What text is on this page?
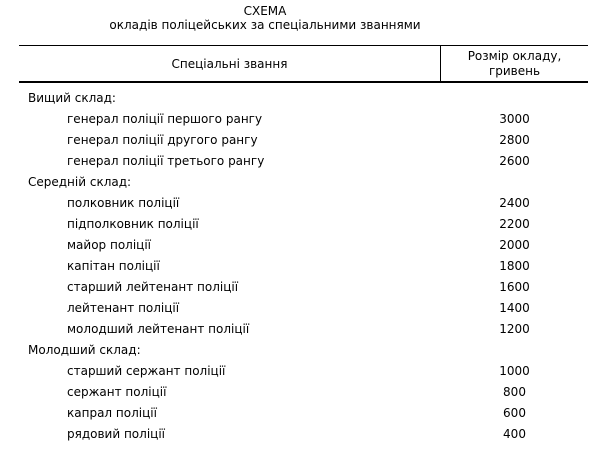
СХЕМА
окладів поліцейських за спеціальними званнями
Спеціальні звання
Розмір окладу,
гривень
Вищий склад:
генерал поліції першого рангу	3000
генерал поліції другого рангу	2800
генерал поліції третього рангу	2600
Середній склад:
полковник поліції	2400
підполковник поліції	2200
майор поліції	2000
капітан поліції	1800
старший лейтенант поліції	1600
лейтенант поліції	1400
молодший лейтенант поліції	1200
Молодший склад:
старший сержант поліції	1000
сержант поліції	800
капрал поліції	600
рядовий поліції	400
